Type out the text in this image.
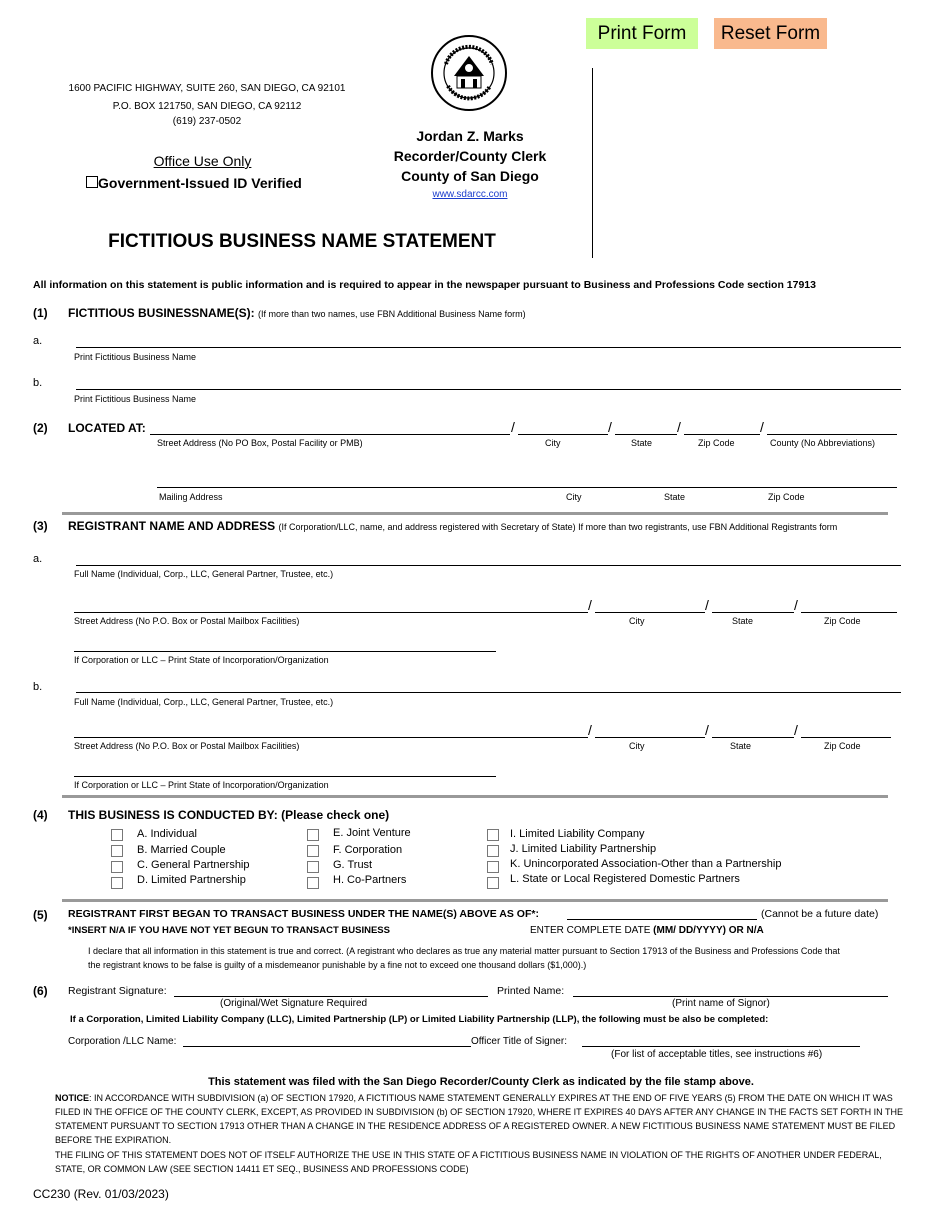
Print Form	Reset Form
1600 PACIFIC HIGHWAY, SUITE 260, SAN DIEGO, CA 92101
P.O. BOX 121750, SAN DIEGO, CA 92112
(619) 237-0502
Office Use Only
Government-Issued ID Verified
Jordan Z. Marks
Recorder/County Clerk
County of San Diego
www.sdarcc.com
FICTITIOUS BUSINESS NAME STATEMENT
All information on this statement is public information and is required to appear in the newspaper pursuant to Business and Professions Code section 17913
(1) FICTITIOUS BUSINESSNAME(S): (If more than two names, use FBN Additional Business Name form)
a.
Print Fictitious Business Name
b.
Print Fictitious Business Name
(2) LOCATED AT:	/	/	/	/
Street Address (No PO Box, Postal Facility or PMB)	City	State	Zip Code	County (No Abbreviations)
Mailing Address	City	State	Zip Code
(3) REGISTRANT NAME AND ADDRESS (If Corporation/LLC, name, and address registered with Secretary of State) If more than two registrants, use FBN Additional Registrants form
a.
Full Name (Individual, Corp., LLC, General Partner, Trustee, etc.)
/	/	/
Street Address (No P.O. Box or Postal Mailbox Facilities)	City	State	Zip Code
If Corporation or LLC – Print State of Incorporation/Organization
b.
Full Name (Individual, Corp., LLC, General Partner, Trustee, etc.)
/	/	/
Street Address (No P.O. Box or Postal Mailbox Facilities)	City	State	Zip Code
If Corporation or LLC – Print State of Incorporation/Organization
(4) THIS BUSINESS IS CONDUCTED BY: (Please check one)
A. Individual
B. Married Couple
C. General Partnership
D. Limited Partnership
E. Joint Venture
F. Corporation
G. Trust
H. Co-Partners
I. Limited Liability Company
J. Limited Liability Partnership
K. Unincorporated Association-Other than a Partnership
L. State or Local Registered Domestic Partners
(5) REGISTRANT FIRST BEGAN TO TRANSACT BUSINESS UNDER THE NAME(S) ABOVE AS OF*:	(Cannot be a future date)
*INSERT N/A IF YOU HAVE NOT YET BEGUN TO TRANSACT BUSINESS	ENTER COMPLETE DATE (MM/ DD/YYYY) OR N/A
I declare that all information in this statement is true and correct. (A registrant who declares as true any material matter pursuant to Section 17913 of the Business and Professions Code that the registrant knows to be false is guilty of a misdemeanor punishable by a fine not to exceed one thousand dollars ($1,000).)
(6) Registrant Signature:	Printed Name:
(Original/Wet Signature Required	(Print name of Signor)
If a Corporation, Limited Liability Company (LLC), Limited Partnership (LP) or Limited Liability Partnership (LLP), the following must be also be completed:
Corporation /LLC Name:	Officer Title of Signer:
(For list of acceptable titles, see instructions #6)
This statement was filed with the San Diego Recorder/County Clerk as indicated by the file stamp above.
NOTICE: IN ACCORDANCE WITH SUBDIVISION (a) OF SECTION 17920, A FICTITIOUS NAME STATEMENT GENERALLY EXPIRES AT THE END OF FIVE YEARS (5) FROM THE DATE ON WHICH IT WAS FILED IN THE OFFICE OF THE COUNTY CLERK, EXCEPT, AS PROVIDED IN SUBDIVISION (b) OF SECTION 17920, WHERE IT EXPIRES 40 DAYS AFTER ANY CHANGE IN THE FACTS SET FORTH IN THE STATEMENT PURSUANT TO SECTION 17913 OTHER THAN A CHANGE IN THE RESIDENCE ADDRESS OF A REGISTERED OWNER. A NEW FICTITIOUS BUSINESS NAME STATEMENT MUST BE FILED BEFORE THE EXPIRATION.
THE FILING OF THIS STATEMENT DOES NOT OF ITSELF AUTHORIZE THE USE IN THIS STATE OF A FICTITIOUS BUSINESS NAME IN VIOLATION OF THE RIGHTS OF ANOTHER UNDER FEDERAL, STATE, OR COMMON LAW (SEE SECTION 14411 ET SEQ., BUSINESS AND PROFESSIONS CODE)
CC230 (Rev. 01/03/2023)
